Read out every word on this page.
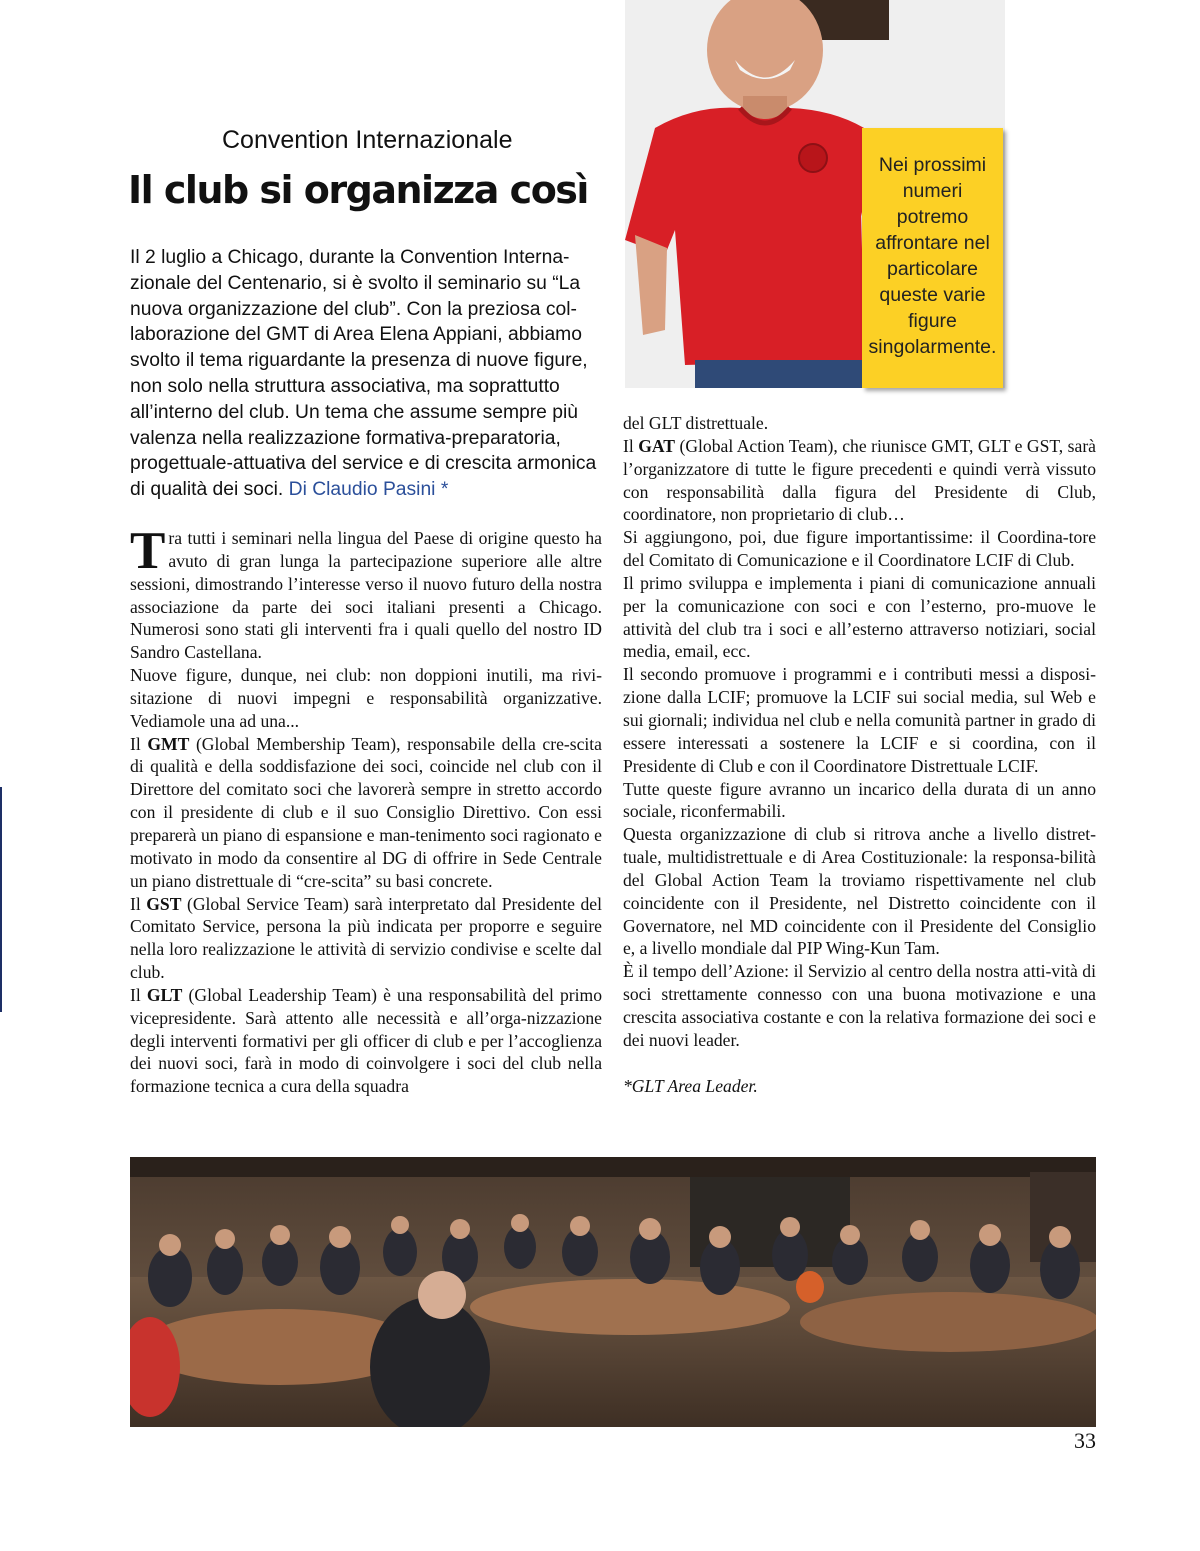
Nei prossimi numeri potremo affrontare nel particolare queste varie figure singolarmente.
Convention Internazionale
Il club si organizza così
Il 2 luglio a Chicago, durante la Convention Interna-zionale del Centenario, si è svolto il seminario su “La nuova organizzazione del club”. Con la preziosa col-laborazione del GMT di Area Elena Appiani, abbiamo svolto il tema riguardante la presenza di nuove figure, non solo nella struttura associativa, ma soprattutto all’interno del club. Un tema che assume sempre più valenza nella realizzazione formativa-preparatoria, progettuale-attuativa del service e di crescita armonica di qualità dei soci. Di Claudio Pasini *

Tra tutti i seminari nella lingua del Paese di origine questo ha avuto di gran lunga la partecipazione superiore alle altre sessioni, dimostrando l’interesse verso il nuovo futuro della nostra associazione da parte dei soci italiani presenti a Chicago. Numerosi sono stati gli interventi fra i quali quello del nostro ID Sandro Castellana.

Nuove figure, dunque, nei club: non doppioni inutili, ma rivi-sitazione di nuovi impegni e responsabilità organizzative. Vediamole una ad una...

Il GMT (Global Membership Team), responsabile della cre-scita di qualità e della soddisfazione dei soci, coincide nel club con il Direttore del comitato soci che lavorerà sempre in stretto accordo con il presidente di club e il suo Consiglio Direttivo. Con essi preparerà un piano di espansione e man-tenimento soci ragionato e motivato in modo da consentire al DG di offrire in Sede Centrale un piano distrettuale di “cre-scita” su basi concrete.

Il GST (Global Service Team) sarà interpretato dal Presidente del Comitato Service, persona la più indicata per proporre e seguire nella loro realizzazione le attività di servizio condivise e scelte dal club.

Il GLT (Global Leadership Team) è una responsabilità del primo vicepresidente. Sarà attento alle necessità e all’orga-nizzazione degli interventi formativi per gli officer di club e per l’accoglienza dei nuovi soci, farà in modo di coinvolgere i soci del club nella formazione tecnica a cura della squadra

del GLT distrettuale.

Il GAT (Global Action Team), che riunisce GMT, GLT e GST, sarà l’organizzatore di tutte le figure precedenti e quindi verrà vissuto con responsabilità dalla figura del Presidente di Club, coordinatore, non proprietario di club…

Si aggiungono, poi, due figure importantissime: il Coordina-tore del Comitato di Comunicazione e il Coordinatore LCIF di Club.

Il primo sviluppa e implementa i piani di comunicazione annuali per la comunicazione con soci e con l’esterno, pro-muove le attività del club tra i soci e all’esterno attraverso notiziari, social media, email, ecc.

Il secondo promuove i programmi e i contributi messi a disposi-zione dalla LCIF; promuove la LCIF sui social media, sul Web e sui giornali; individua nel club e nella comunità partner in grado di essere interessati a sostenere la LCIF e si coordina, con il Presidente di Club e con il Coordinatore Distrettuale LCIF.

Tutte queste figure avranno un incarico della durata di un anno sociale, riconfermabili.

Questa organizzazione di club si ritrova anche a livello distret-tuale, multidistrettuale e di Area Costituzionale: la responsa-bilità del Global Action Team la troviamo rispettivamente nel club coincidente con il Presidente, nel Distretto coincidente con il Governatore, nel MD coincidente con il Presidente del Consiglio e, a livello mondiale dal PIP Wing-Kun Tam.

È il tempo dell’Azione: il Servizio al centro della nostra atti-vità di soci strettamente connesso con una buona motivazione e una crescita associativa costante e con la relativa formazione dei soci e dei nuovi leader.

*GLT Area Leader.

33
